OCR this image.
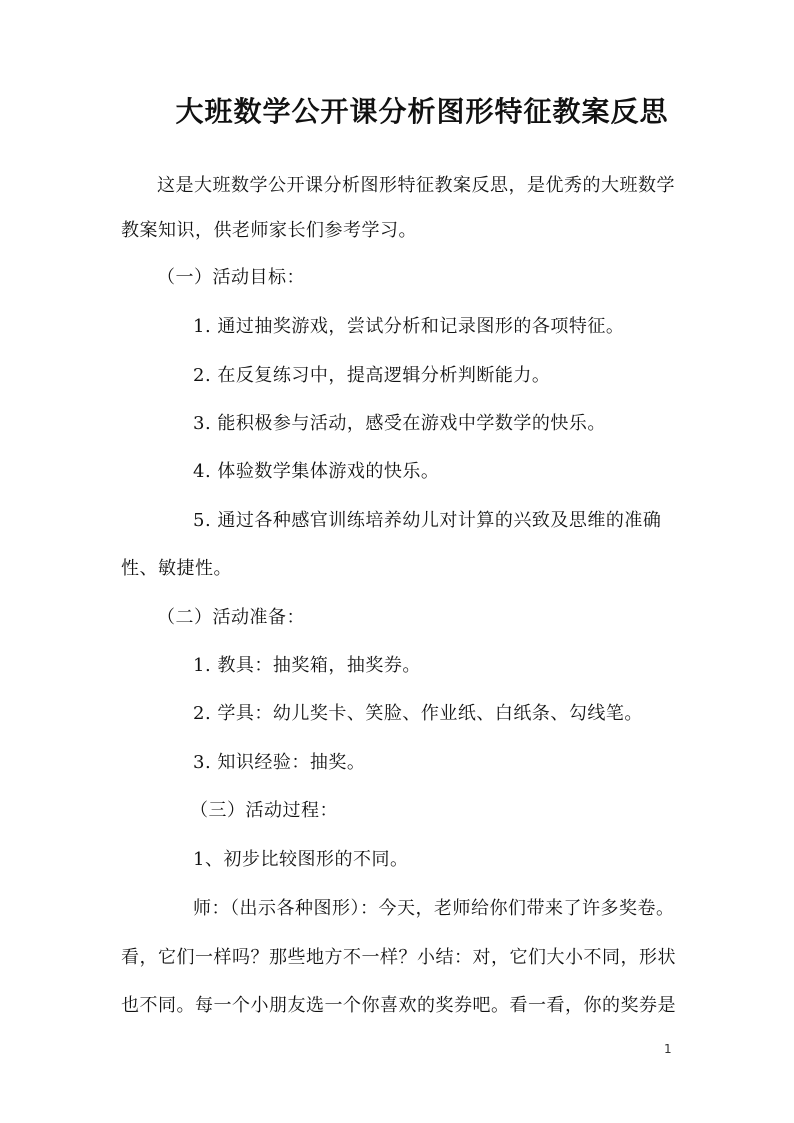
大班数学公开课分析图形特征教案反思
这是大班数学公开课分析图形特征教案反思，是优秀的大班数学
教案知识，供老师家长们参考学习。
（一）活动目标：
1. 通过抽奖游戏，尝试分析和记录图形的各项特征。
2. 在反复练习中，提高逻辑分析判断能力。
3. 能积极参与活动，感受在游戏中学数学的快乐。
4. 体验数学集体游戏的快乐。
5. 通过各种感官训练培养幼儿对计算的兴致及思维的准确
性、敏捷性。
（二）活动准备：
1. 教具：抽奖箱，抽奖券。
2. 学具：幼儿奖卡、笑脸、作业纸、白纸条、勾线笔。
3. 知识经验：抽奖。
（三）活动过程：
1、初步比较图形的不同。
师：（出示各种图形）：今天，老师给你们带来了许多奖卷。
看，它们一样吗？那些地方不一样？小结：对，它们大小不同，形状
也不同。每一个小朋友选一个你喜欢的奖券吧。看一看，你的奖券是
1
